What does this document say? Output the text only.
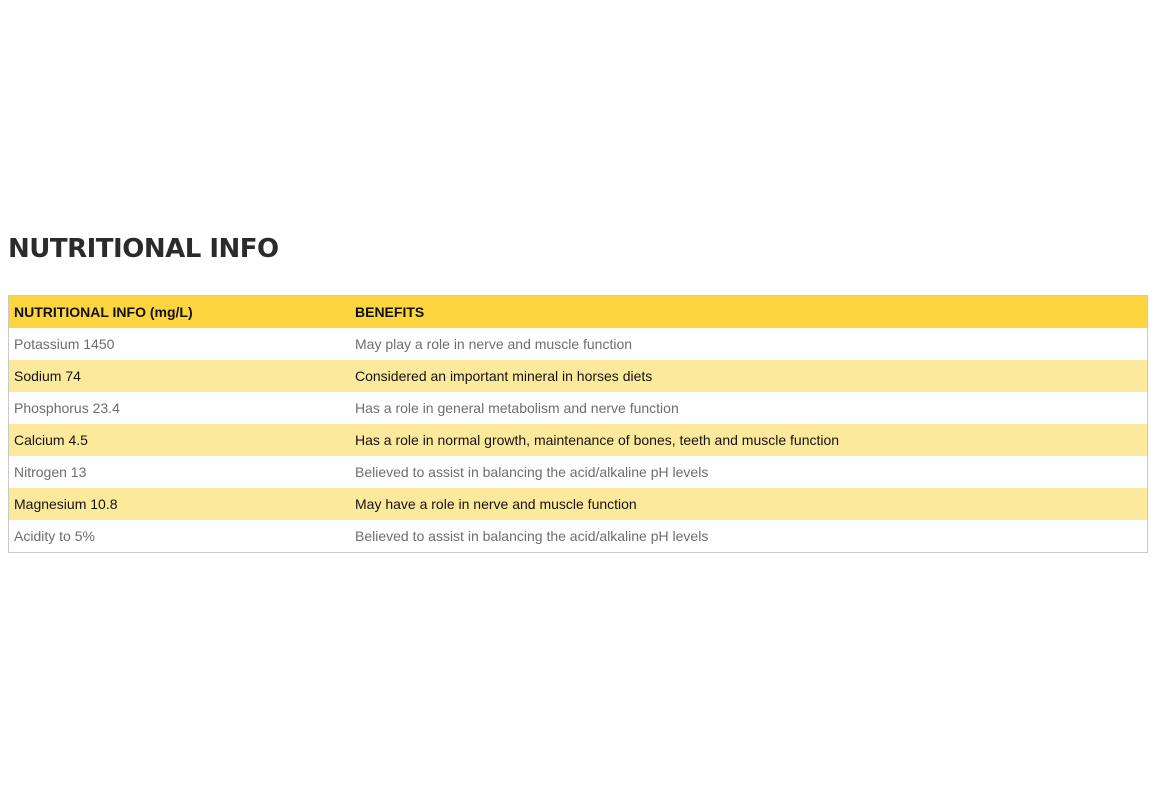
NUTRITIONAL INFO
NUTRITIONAL INFO (mg/L)	BENEFITS
Potassium 1450	May play a role in nerve and muscle function
Sodium 74	Considered an important mineral in horses diets
Phosphorus 23.4	Has a role in general metabolism and nerve function
Calcium 4.5	Has a role in normal growth, maintenance of bones, teeth and muscle function
Nitrogen 13	Believed to assist in balancing the acid/alkaline pH levels
Magnesium 10.8	May have a role in nerve and muscle function
Acidity to 5%	Believed to assist in balancing the acid/alkaline pH levels
